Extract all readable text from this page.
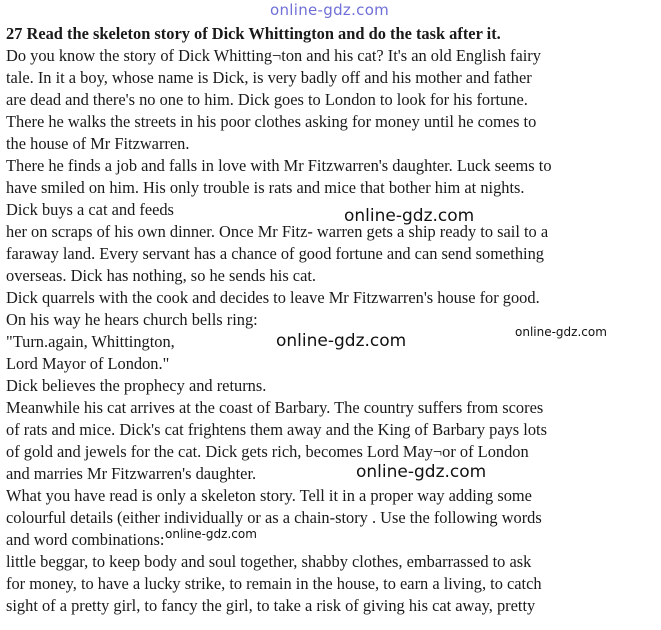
online-gdz.com
27 Read the skeleton story of Dick Whittington and do the task after it.
Do you know the story of Dick Whitting¬ton and his cat? It's an old English fairy
tale. In it a boy, whose name is Dick, is very badly off and his mother and father
are dead and there's no one to him. Dick goes to London to look for his fortune.
There he walks the streets in his poor clothes asking for money until he comes to
the house of Mr Fitzwarren.
There he finds a job and falls in love with Mr Fitzwarren's daughter. Luck seems to
have smiled on him. His only trouble is rats and mice that bother him at nights.
Dick buys a cat and feeds
her on scraps of his own dinner. Once Mr Fitz- warren gets a ship ready to sail to a
faraway land. Every servant has a chance of good fortune and can send something
overseas. Dick has nothing, so he sends his cat.
Dick quarrels with the cook and decides to leave Mr Fitzwarren's house for good.
On his way he hears church bells ring:
"Turn.again, Whittington,
Lord Mayor of London."
Dick believes the prophecy and returns.
Meanwhile his cat arrives at the coast of Barbary. The country suffers from scores
of rats and mice. Dick's cat frightens them away and the King of Barbary pays lots
of gold and jewels for the cat. Dick gets rich, becomes Lord May¬or of London
and marries Mr Fitzwarren's daughter.
What you have read is only a skeleton story. Tell it in a proper way adding some
colourful details (either individually or as a chain-story . Use the following words
and word combinations:
little beggar, to keep body and soul together, shabby clothes, embarrassed to ask
for money, to have a lucky strike, to remain in the house, to earn a living, to catch
sight of a pretty girl, to fancy the girl, to take a risk of giving his cat away, pretty
online-gdz.com
online-gdz.com
online-gdz.com
online-gdz.com
online-gdz.com
